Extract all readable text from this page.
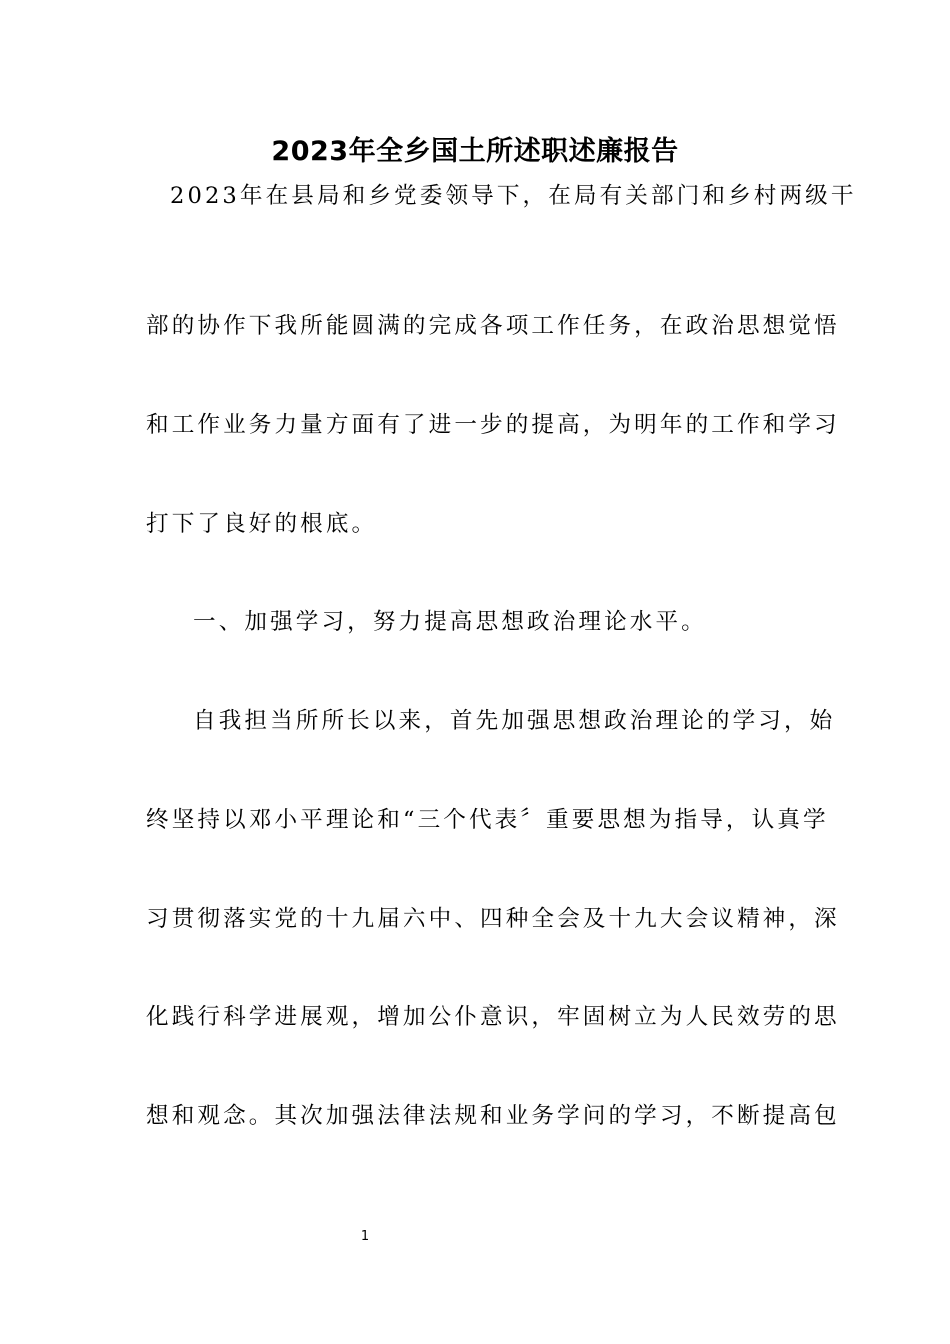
2023年全乡国土所述职述廉报告
2023年在县局和乡党委领导下，在局有关部门和乡村两级干
部的协作下我所能圆满的完成各项工作任务，在政治思想觉悟
和工作业务力量方面有了进一步的提高，为明年的工作和学习
打下了良好的根底。
一、加强学习，努力提高思想政治理论水平。
自我担当所所长以来，首先加强思想政治理论的学习，始
终坚持以邓小平理论和“三个代表〞重要思想为指导，认真学
习贯彻落实党的十九届六中、四种全会及十九大会议精神，深
化践行科学进展观，增加公仆意识，牢固树立为人民效劳的思
想和观念。其次加强法律法规和业务学问的学习，不断提高包
1
